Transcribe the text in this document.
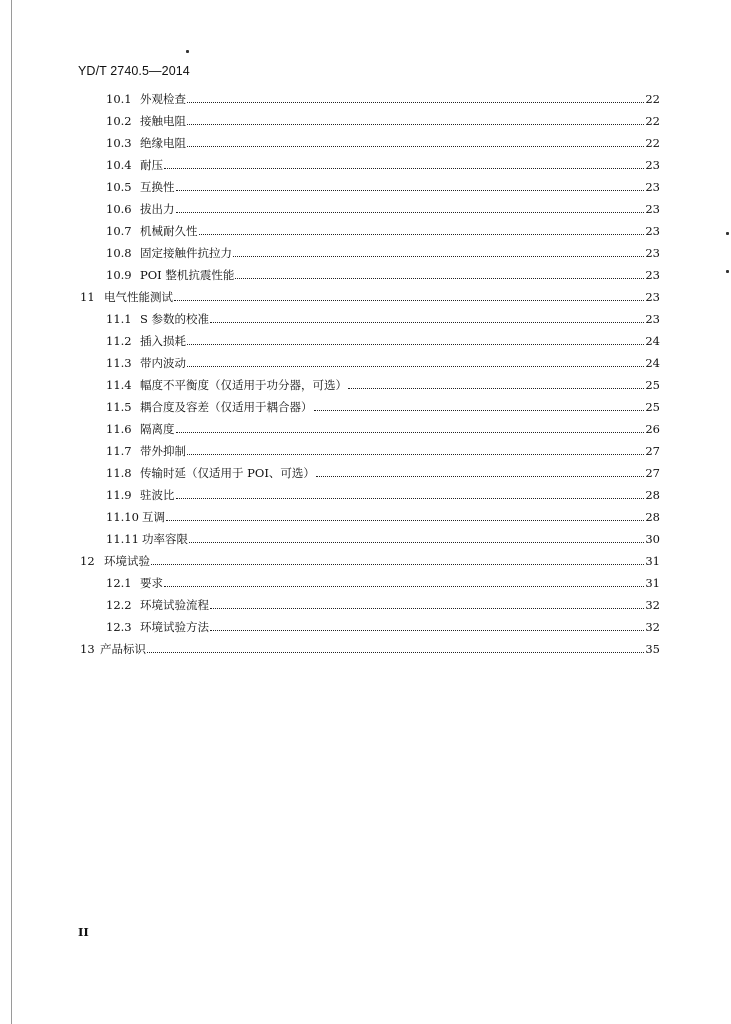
YD/T 2740.5—2014
10.1 外观检查	22
10.2 接触电阻	22
10.3 绝缘电阻	22
10.4 耐压	23
10.5 互换性	23
10.6 拔出力	23
10.7 机械耐久性	23
10.8 固定接触件抗拉力	23
10.9 POI 整机抗震性能	23
11 电气性能测试	23
11.1 S 参数的校准	23
11.2 插入损耗	24
11.3 带内波动	24
11.4 幅度不平衡度（仅适用于功分器，可选）	25
11.5 耦合度及容差（仅适用于耦合器）	25
11.6 隔离度	26
11.7 带外抑制	27
11.8 传输时延（仅适用于 POI、可选）	27
11.9 驻波比	28
11.10 互调	28
11.11 功率容限	30
12 环境试验	31
12.1 要求	31
12.2 环境试验流程	32
12.3 环境试验方法	32
13 产品标识	35
II
